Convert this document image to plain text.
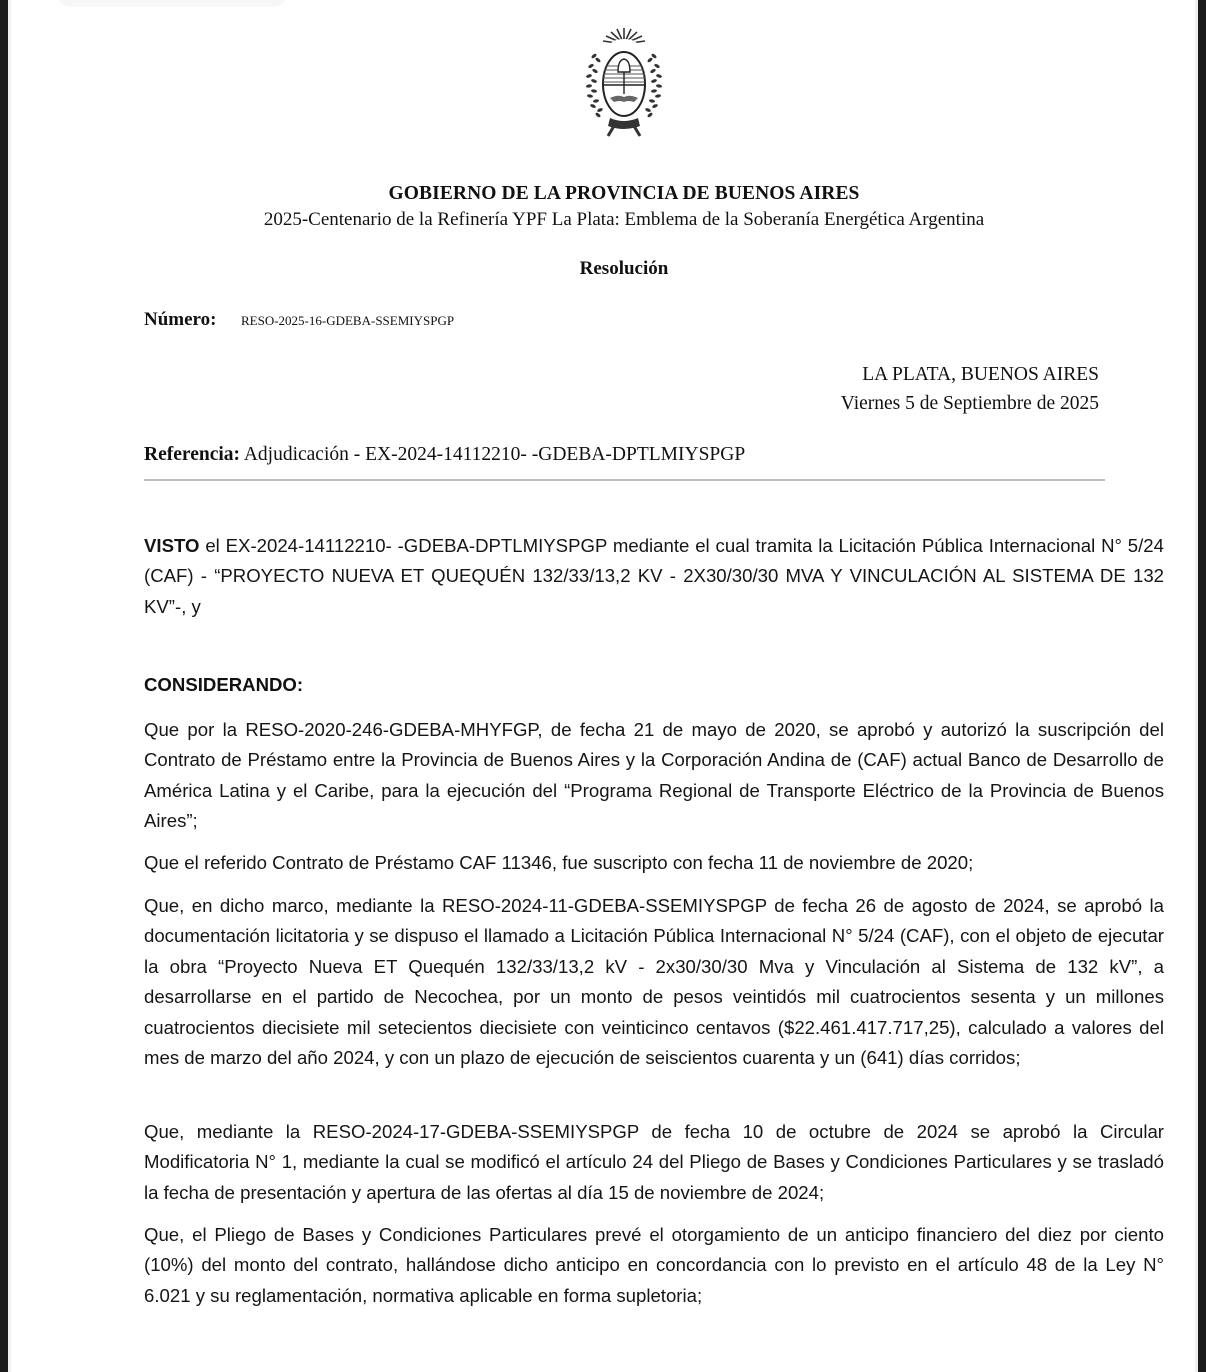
GOBIERNO DE LA PROVINCIA DE BUENOS AIRES
2025-Centenario de la Refinería YPF La Plata: Emblema de la Soberanía Energética Argentina
Resolución
Número: RESO-2025-16-GDEBA-SSEMIYSPGP
LA PLATA, BUENOS AIRES
Viernes 5 de Septiembre de 2025
Referencia: Adjudicación - EX-2024-14112210- -GDEBA-DPTLMIYSPGP
VISTO el EX-2024-14112210- -GDEBA-DPTLMIYSPGP mediante el cual tramita la Licitación Pública Internacional N° 5/24 (CAF) - “PROYECTO NUEVA ET QUEQUÉN 132/33/13,2 KV - 2X30/30/30 MVA Y VINCULACIÓN AL SISTEMA DE 132 KV”-, y
CONSIDERANDO:
Que por la RESO-2020-246-GDEBA-MHYFGP, de fecha 21 de mayo de 2020, se aprobó y autorizó la suscripción del Contrato de Préstamo entre la Provincia de Buenos Aires y la Corporación Andina de (CAF) actual Banco de Desarrollo de América Latina y el Caribe, para la ejecución del “Programa Regional de Transporte Eléctrico de la Provincia de Buenos Aires”;
Que el referido Contrato de Préstamo CAF 11346, fue suscripto con fecha 11 de noviembre de 2020;
Que, en dicho marco, mediante la RESO-2024-11-GDEBA-SSEMIYSPGP de fecha 26 de agosto de 2024, se aprobó la documentación licitatoria y se dispuso el llamado a Licitación Pública Internacional N° 5/24 (CAF), con el objeto de ejecutar la obra “Proyecto Nueva ET Quequén 132/33/13,2 kV - 2x30/30/30 Mva y Vinculación al Sistema de 132 kV”, a desarrollarse en el partido de Necochea, por un monto de pesos veintidós mil cuatrocientos sesenta y un millones cuatrocientos diecisiete mil setecientos diecisiete con veinticinco centavos ($22.461.417.717,25), calculado a valores del mes de marzo del año 2024, y con un plazo de ejecución de seiscientos cuarenta y un (641) días corridos;
Que, mediante la RESO-2024-17-GDEBA-SSEMIYSPGP de fecha 10 de octubre de 2024 se aprobó la Circular Modificatoria N° 1, mediante la cual se modificó el artículo 24 del Pliego de Bases y Condiciones Particulares y se trasladó la fecha de presentación y apertura de las ofertas al día 15 de noviembre de 2024;
Que, el Pliego de Bases y Condiciones Particulares prevé el otorgamiento de un anticipo financiero del diez por ciento (10%) del monto del contrato, hallándose dicho anticipo en concordancia con lo previsto en el artículo 48 de la Ley N° 6.021 y su reglamentación, normativa aplicable en forma supletoria;
